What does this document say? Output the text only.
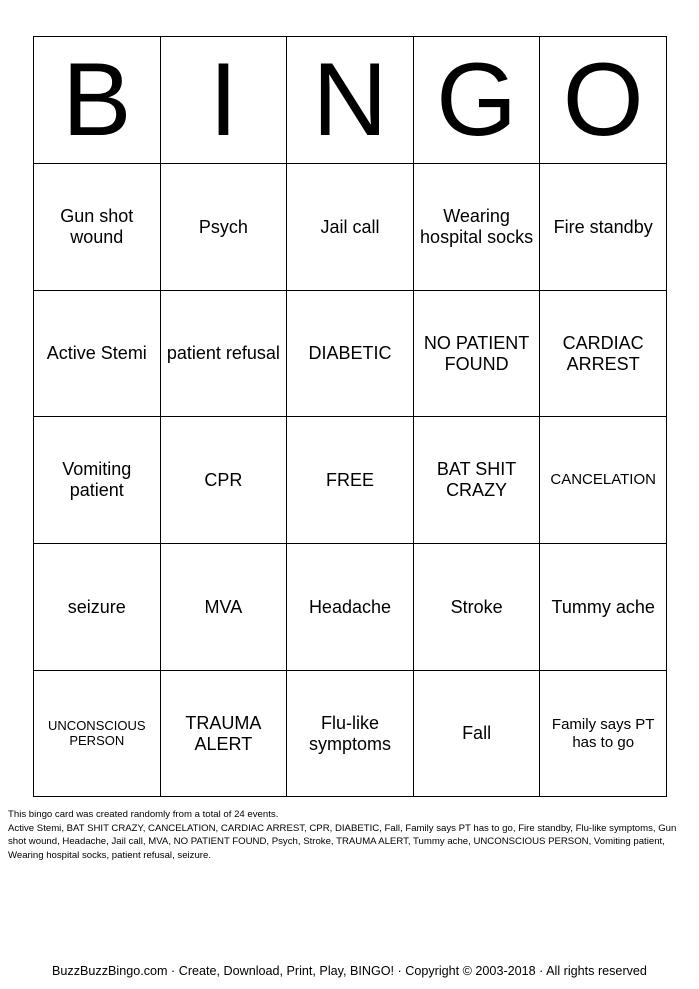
B	I	N	G	O
Gun shot wound	Psych	Jail call	Wearing hospital socks	Fire standby
Active Stemi	patient refusal	DIABETIC	NO PATIENT FOUND	CARDIAC ARREST
Vomiting patient	CPR	FREE	BAT SHIT CRAZY	CANCELATION
seizure	MVA	Headache	Stroke	Tummy ache
UNCONSCIOUS PERSON	TRAUMA ALERT	Flu-like symptoms	Fall	Family says PT has to go
This bingo card was created randomly from a total of 24 events.
Active Stemi, BAT SHIT CRAZY, CANCELATION, CARDIAC ARREST, CPR, DIABETIC, Fall, Family says PT has to go, Fire standby, Flu-like symptoms, Gun shot wound, Headache, Jail call, MVA, NO PATIENT FOUND, Psych, Stroke, TRAUMA ALERT, Tummy ache, UNCONSCIOUS PERSON, Vomiting patient, Wearing hospital socks, patient refusal, seizure.
BuzzBuzzBingo.com · Create, Download, Print, Play, BINGO! · Copyright © 2003-2018 · All rights reserved
